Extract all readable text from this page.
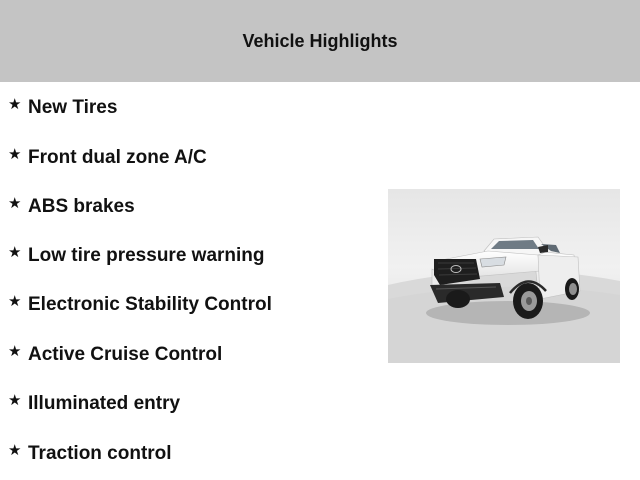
Vehicle Highlights
★ New Tires
★ Front dual zone A/C
★ ABS brakes
★ Low tire pressure warning
★ Electronic Stability Control
★ Active Cruise Control
★ Illuminated entry
★ Traction control
